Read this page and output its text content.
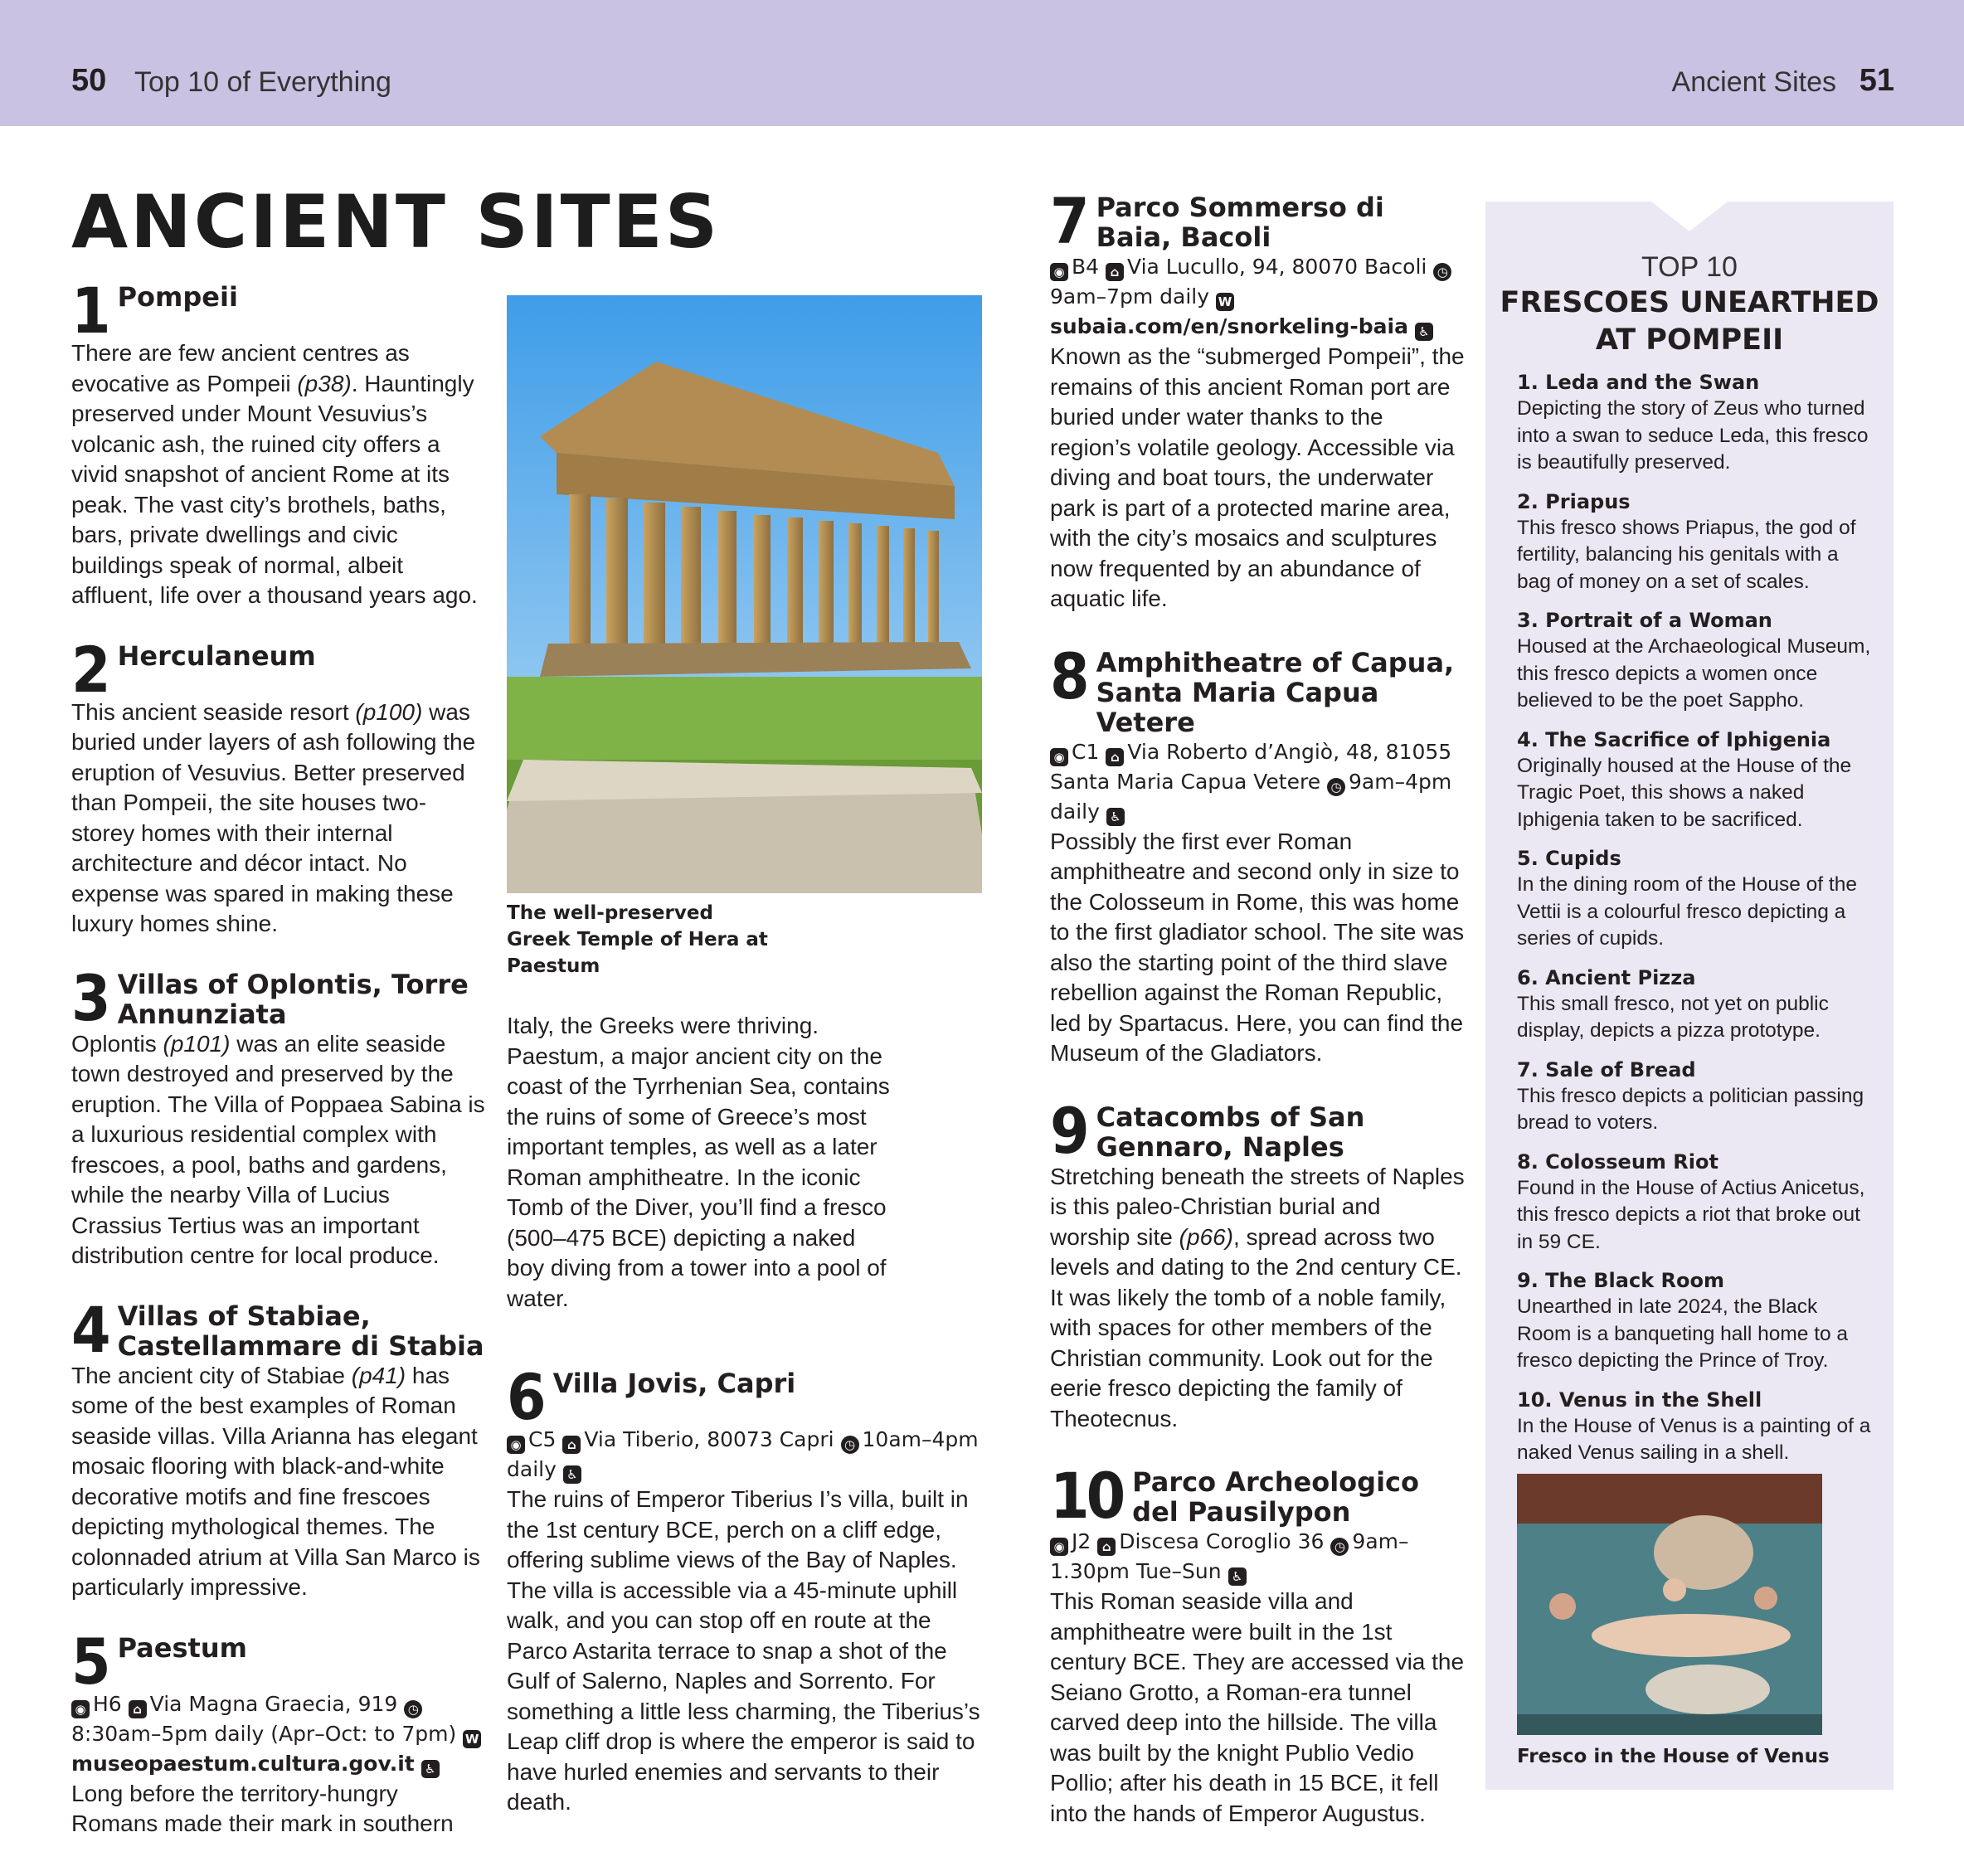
50 Top 10 of Everything	Ancient Sites 51
ANCIENT SITES
1 Pompeii

There are few ancient centres as evocative as Pompeii (p38). Hauntingly preserved under Mount Vesuvius’s volcanic ash, the ruined city offers a vivid snapshot of ancient Rome at its peak. The vast city’s brothels, baths, bars, private dwellings and civic buildings speak of normal, albeit affluent, life over a thousand years ago.

2 Herculaneum

This ancient seaside resort (p100) was buried under layers of ash following the eruption of Vesuvius. Better preserved than Pompeii, the site houses two-storey homes with their internal architecture and décor intact. No expense was spared in making these luxury homes shine.

3 Villas of Oplontis, Torre Annunziata

Oplontis (p101) was an elite seaside town destroyed and preserved by the eruption. The Villa of Poppaea Sabina is a luxurious residential complex with frescoes, a pool, baths and gardens, while the nearby Villa of Lucius Crassius Tertius was an important distribution centre for local produce.

4 Villas of Stabiae, Castellammare di Stabia

The ancient city of Stabiae (p41) has some of the best examples of Roman seaside villas. Villa Arianna has elegant mosaic flooring with black-and-white decorative motifs and fine frescoes depicting mythological themes. The colonnaded atrium at Villa San Marco is particularly impressive.

5 Paestum
◉ H6 ⌂ Via Magna Graecia, 919 ◷8:30am–5pm daily (Apr–Oct: to 7pm) Wmuseopaestum.cultura.gov.it ♿

Long before the territory-hungry Romans made their mark in southern

The well-preserved Greek Temple of Hera at Paestum

Italy, the Greeks were thriving. Paestum, a major ancient city on the coast of the Tyrrhenian Sea, contains the ruins of some of Greece’s most important temples, as well as a later Roman amphitheatre. In the iconic Tomb of the Diver, you’ll find a fresco (500–475 BCE) depicting a naked boy diving from a tower into a pool of water.

6 Villa Jovis, Capri
◉ C5 ⌂ Via Tiberio, 80073 Capri ◷ 10am–4pm daily ♿

The ruins of Emperor Tiberius I’s villa, built in the 1st century BCE, perch on a cliff edge, offering sublime views of the Bay of Naples. The villa is accessible via a 45-minute uphill walk, and you can stop off en route at the Parco Astarita terrace to snap a shot of the Gulf of Salerno, Naples and Sorrento. For something a little less charming, the Tiberius’s Leap cliff drop is where the emperor is said to have hurled enemies and servants to their death.

7 Parco Sommerso di Baia, Bacoli
◉ B4 ⌂ Via Lucullo, 94, 80070 Bacoli ◷9am–7pm daily Wsubaia.com/en/snorkeling-baia ♿

Known as the “submerged Pompeii”, the remains of this ancient Roman port are buried under water thanks to the region’s volatile geology. Accessible via diving and boat tours, the underwater park is part of a protected marine area, with the city’s mosaics and sculptures now frequented by an abundance of aquatic life.

8 Amphitheatre of Capua, Santa Maria Capua Vetere
◉ C1 ⌂ Via Roberto d’Angiò, 48, 81055 Santa Maria Capua Vetere ◷ 9am–4pm daily ♿

Possibly the first ever Roman amphitheatre and second only in size to the Colosseum in Rome, this was home to the first gladiator school. The site was also the starting point of the third slave rebellion against the Roman Republic, led by Spartacus. Here, you can find the Museum of the Gladiators.

9 Catacombs of San Gennaro, Naples

Stretching beneath the streets of Naples is this paleo-Christian burial and worship site (p66), spread across two levels and dating to the 2nd century CE. It was likely the tomb of a noble family, with spaces for other members of the Christian community. Look out for the eerie fresco depicting the family of Theotecnus.

10 Parco Archeologico del Pausilypon
◉ J2 ⌂ Discesa Coroglio 36 ◷ 9am–1.30pm Tue–Sun ♿

This Roman seaside villa and amphitheatre were built in the 1st century BCE. They are accessed via the Seiano Grotto, a Roman-era tunnel carved deep into the hillside. The villa was built by the knight Publio Vedio Pollio; after his death in 15 BCE, it fell into the hands of Emperor Augustus.

TOP 10
FRESCOES UNEARTHED
AT POMPEII
1. Leda and the Swan
Depicting the story of Zeus who turned into a swan to seduce Leda, this fresco is beautifully preserved.
2. Priapus
This fresco shows Priapus, the god of fertility, balancing his genitals with a bag of money on a set of scales.
3. Portrait of a Woman
Housed at the Archaeological Museum, this fresco depicts a women once believed to be the poet Sappho.
4. The Sacrifice of Iphigenia
Originally housed at the House of the Tragic Poet, this shows a naked Iphigenia taken to be sacrificed.
5. Cupids
In the dining room of the House of the Vettii is a colourful fresco depicting a series of cupids.
6. Ancient Pizza
This small fresco, not yet on public display, depicts a pizza prototype.
7. Sale of Bread
This fresco depicts a politician passing bread to voters.
8. Colosseum Riot
Found in the House of Actius Anicetus, this fresco depicts a riot that broke out in 59 CE.
9. The Black Room
Unearthed in late 2024, the Black Room is a banqueting hall home to a fresco depicting the Prince of Troy.
10. Venus in the Shell
In the House of Venus is a painting of a naked Venus sailing in a shell.
Fresco in the House of Venus
